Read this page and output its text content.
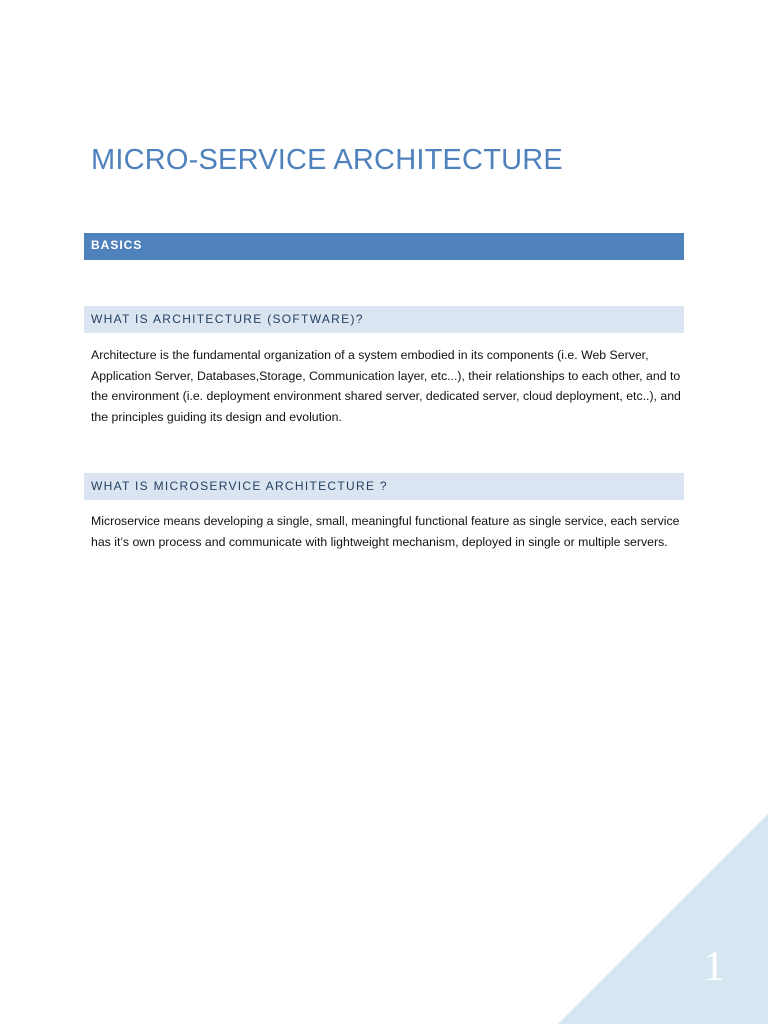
MICRO-SERVICE ARCHITECTURE
BASICS
WHAT IS ARCHITECTURE (SOFTWARE)?
Architecture is the fundamental organization of a system embodied in its components (i.e. Web Server, Application Server, Databases,Storage, Communication layer, etc...), their relationships to each other, and to the environment (i.e. deployment environment shared server, dedicated server, cloud deployment, etc..), and the principles guiding its design and evolution.
WHAT IS MICROSERVICE ARCHITECTURE ?
Microservice means developing a single, small, meaningful functional feature as single service, each service has it’s own process and communicate with lightweight mechanism, deployed in single or multiple servers.
1
